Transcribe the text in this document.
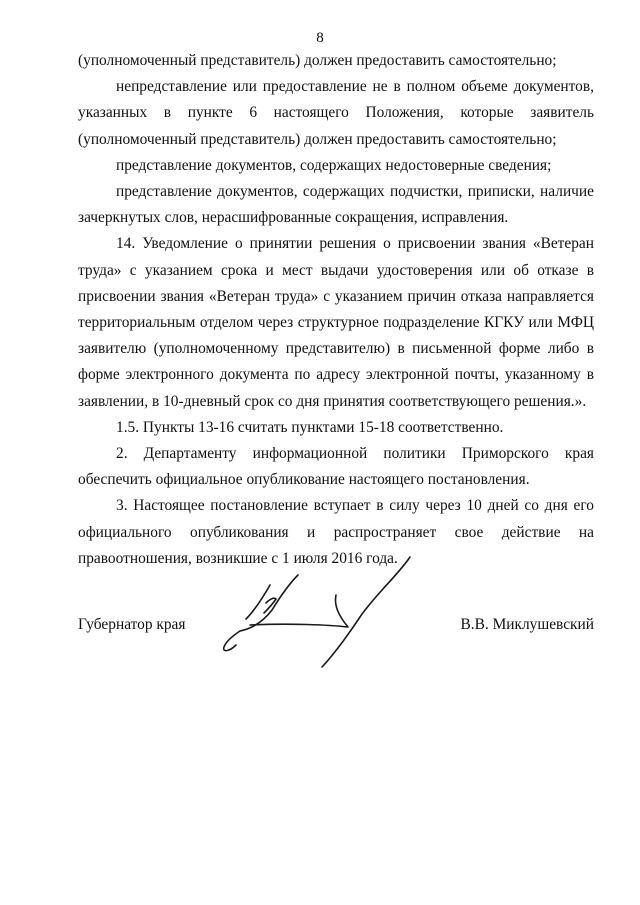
8

(уполномоченный представитель) должен предоставить самостоятельно;

непредставление или предоставление не в полном объеме документов, указанных в пункте 6 настоящего Положения, которые заявитель (уполномоченный представитель) должен предоставить самостоятельно;

представление документов, содержащих недостоверные сведения;

представление документов, содержащих подчистки, приписки, наличие зачеркнутых слов, нерасшифрованные сокращения, исправления.

14. Уведомление о принятии решения о присвоении звания «Ветеран труда» с указанием срока и мест выдачи удостоверения или об отказе в присвоении звания «Ветеран труда» с указанием причин отказа направляется территориальным отделом через структурное подразделение КГКУ или МФЦ заявителю (уполномоченному представителю) в письменной форме либо в форме электронного документа по адресу электронной почты, указанному в заявлении, в 10-дневный срок со дня принятия соответствующего решения.».

1.5. Пункты 13-16 считать пунктами 15-18 соответственно.

2. Департаменту информационной политики Приморского края обеспечить официальное опубликование настоящего постановления.

3. Настоящее постановление вступает в силу через 10 дней со дня его официального опубликования и распространяет свое действие на правоотношения, возникшие с 1 июля 2016 года.

Губернатор края	В.В. Миклушевский
